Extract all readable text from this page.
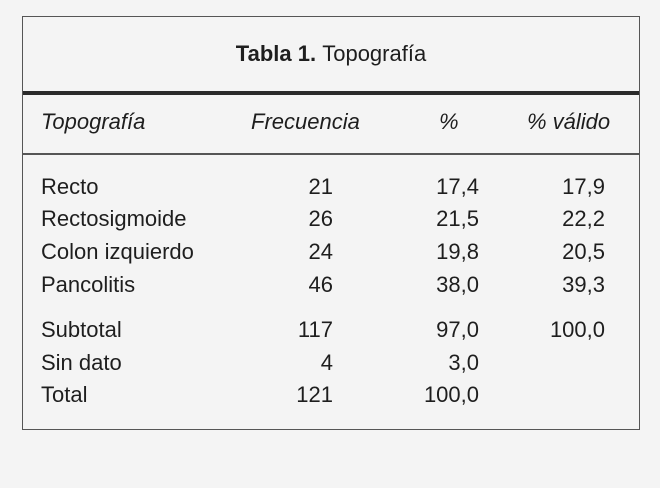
Tabla 1.
Topografía
Topografía	Frecuencia	%	% válido
Recto	21	17,4	17,9
Rectosigmoide	26	21,5	22,2
Colon izquierdo	24	19,8	20,5
Pancolitis	46	38,0	39,3
Subtotal	117	97,0	100,0
Sin dato	4	3,0
Total	121	100,0
